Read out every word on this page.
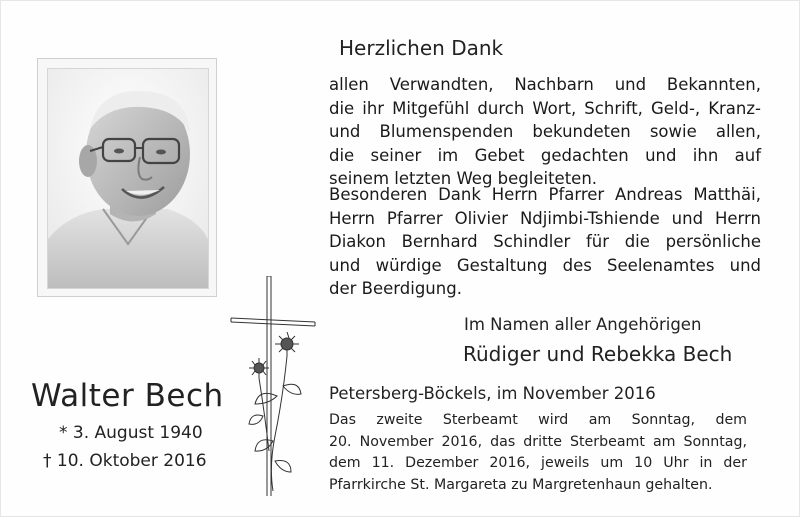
Walter Bech
* 3. August 1940
† 10. Oktober 2016
Herzlichen Dank
allen Verwandten, Nachbarn und Bekannten,
die ihr Mitgefühl durch Wort, Schrift, Geld-, Kranz-
und Blumenspenden bekundeten sowie allen,
die seiner im Gebet gedachten und ihn auf
seinem letzten Weg begleiteten.
Besonderen Dank Herrn Pfarrer Andreas Matthäi,
Herrn Pfarrer Olivier Ndjimbi-Tshiende und Herrn
Diakon Bernhard Schindler für die persönliche
und würdige Gestaltung des Seelenamtes und
der Beerdigung.
Im Namen aller Angehörigen
Rüdiger und Rebekka Bech
Petersberg-Böckels, im November 2016
Das zweite Sterbeamt wird am Sonntag, dem
20. November 2016, das dritte Sterbeamt am Sonntag,
dem 11. Dezember 2016, jeweils um 10 Uhr in der
Pfarrkirche St. Margareta zu Margretenhaun gehalten.
